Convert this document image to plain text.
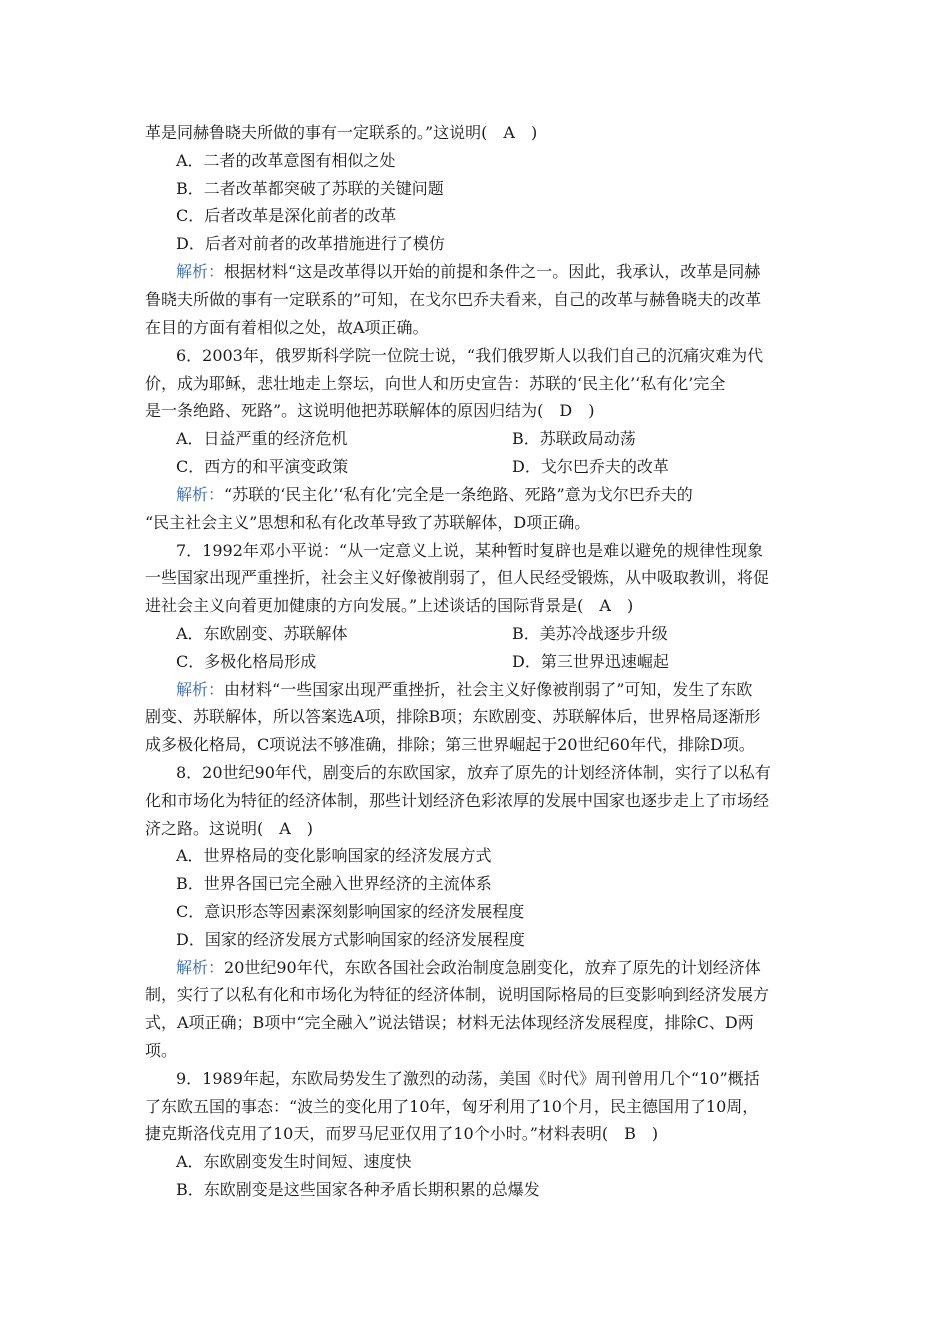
革是同赫鲁晓夫所做的事有一定联系的。”这说明(　A　)
A．二者的改革意图有相似之处
B．二者改革都突破了苏联的关键问题
C．后者改革是深化前者的改革
D．后者对前者的改革措施进行了模仿
解析：根据材料“这是改革得以开始的前提和条件之一。因此，我承认，改革是同赫
鲁晓夫所做的事有一定联系的”可知，在戈尔巴乔夫看来，自己的改革与赫鲁晓夫的改革
在目的方面有着相似之处，故A项正确。
6．2003年，俄罗斯科学院一位院士说，“我们俄罗斯人以我们自己的沉痛灾难为代
价，成为耶稣，悲壮地走上祭坛，向世人和历史宣告：苏联的‘民主化’‘私有化’完全
是一条绝路、死路”。这说明他把苏联解体的原因归结为(　D　)
A．日益严重的经济危机	B．苏联政局动荡
C．西方的和平演变政策	D．戈尔巴乔夫的改革
解析：“苏联的‘民主化’‘私有化’完全是一条绝路、死路”意为戈尔巴乔夫的
“民主社会主义”思想和私有化改革导致了苏联解体，D项正确。
7．1992年邓小平说：“从一定意义上说，某种暂时复辟也是难以避免的规律性现象
一些国家出现严重挫折，社会主义好像被削弱了，但人民经受锻炼，从中吸取教训，将促
进社会主义向着更加健康的方向发展。”上述谈话的国际背景是(　A　)
A．东欧剧变、苏联解体	B．美苏冷战逐步升级
C．多极化格局形成	D．第三世界迅速崛起
解析：由材料“一些国家出现严重挫折，社会主义好像被削弱了”可知，发生了东欧
剧变、苏联解体，所以答案选A项，排除B项；东欧剧变、苏联解体后，世界格局逐渐形
成多极化格局，C项说法不够准确，排除；第三世界崛起于20世纪60年代，排除D项。
8．20世纪90年代，剧变后的东欧国家，放弃了原先的计划经济体制，实行了以私有
化和市场化为特征的经济体制，那些计划经济色彩浓厚的发展中国家也逐步走上了市场经
济之路。这说明(　A　)
A．世界格局的变化影响国家的经济发展方式
B．世界各国已完全融入世界经济的主流体系
C．意识形态等因素深刻影响国家的经济发展程度
D．国家的经济发展方式影响国家的经济发展程度
解析：20世纪90年代，东欧各国社会政治制度急剧变化，放弃了原先的计划经济体
制，实行了以私有化和市场化为特征的经济体制，说明国际格局的巨变影响到经济发展方
式，A项正确；B项中“完全融入”说法错误；材料无法体现经济发展程度，排除C、D两
项。
9．1989年起，东欧局势发生了激烈的动荡，美国《时代》周刊曾用几个“10”概括
了东欧五国的事态：“波兰的变化用了10年，匈牙利用了10个月，民主德国用了10周，
捷克斯洛伐克用了10天，而罗马尼亚仅用了10个小时。”材料表明(　B　)
A．东欧剧变发生时间短、速度快
B．东欧剧变是这些国家各种矛盾长期积累的总爆发
